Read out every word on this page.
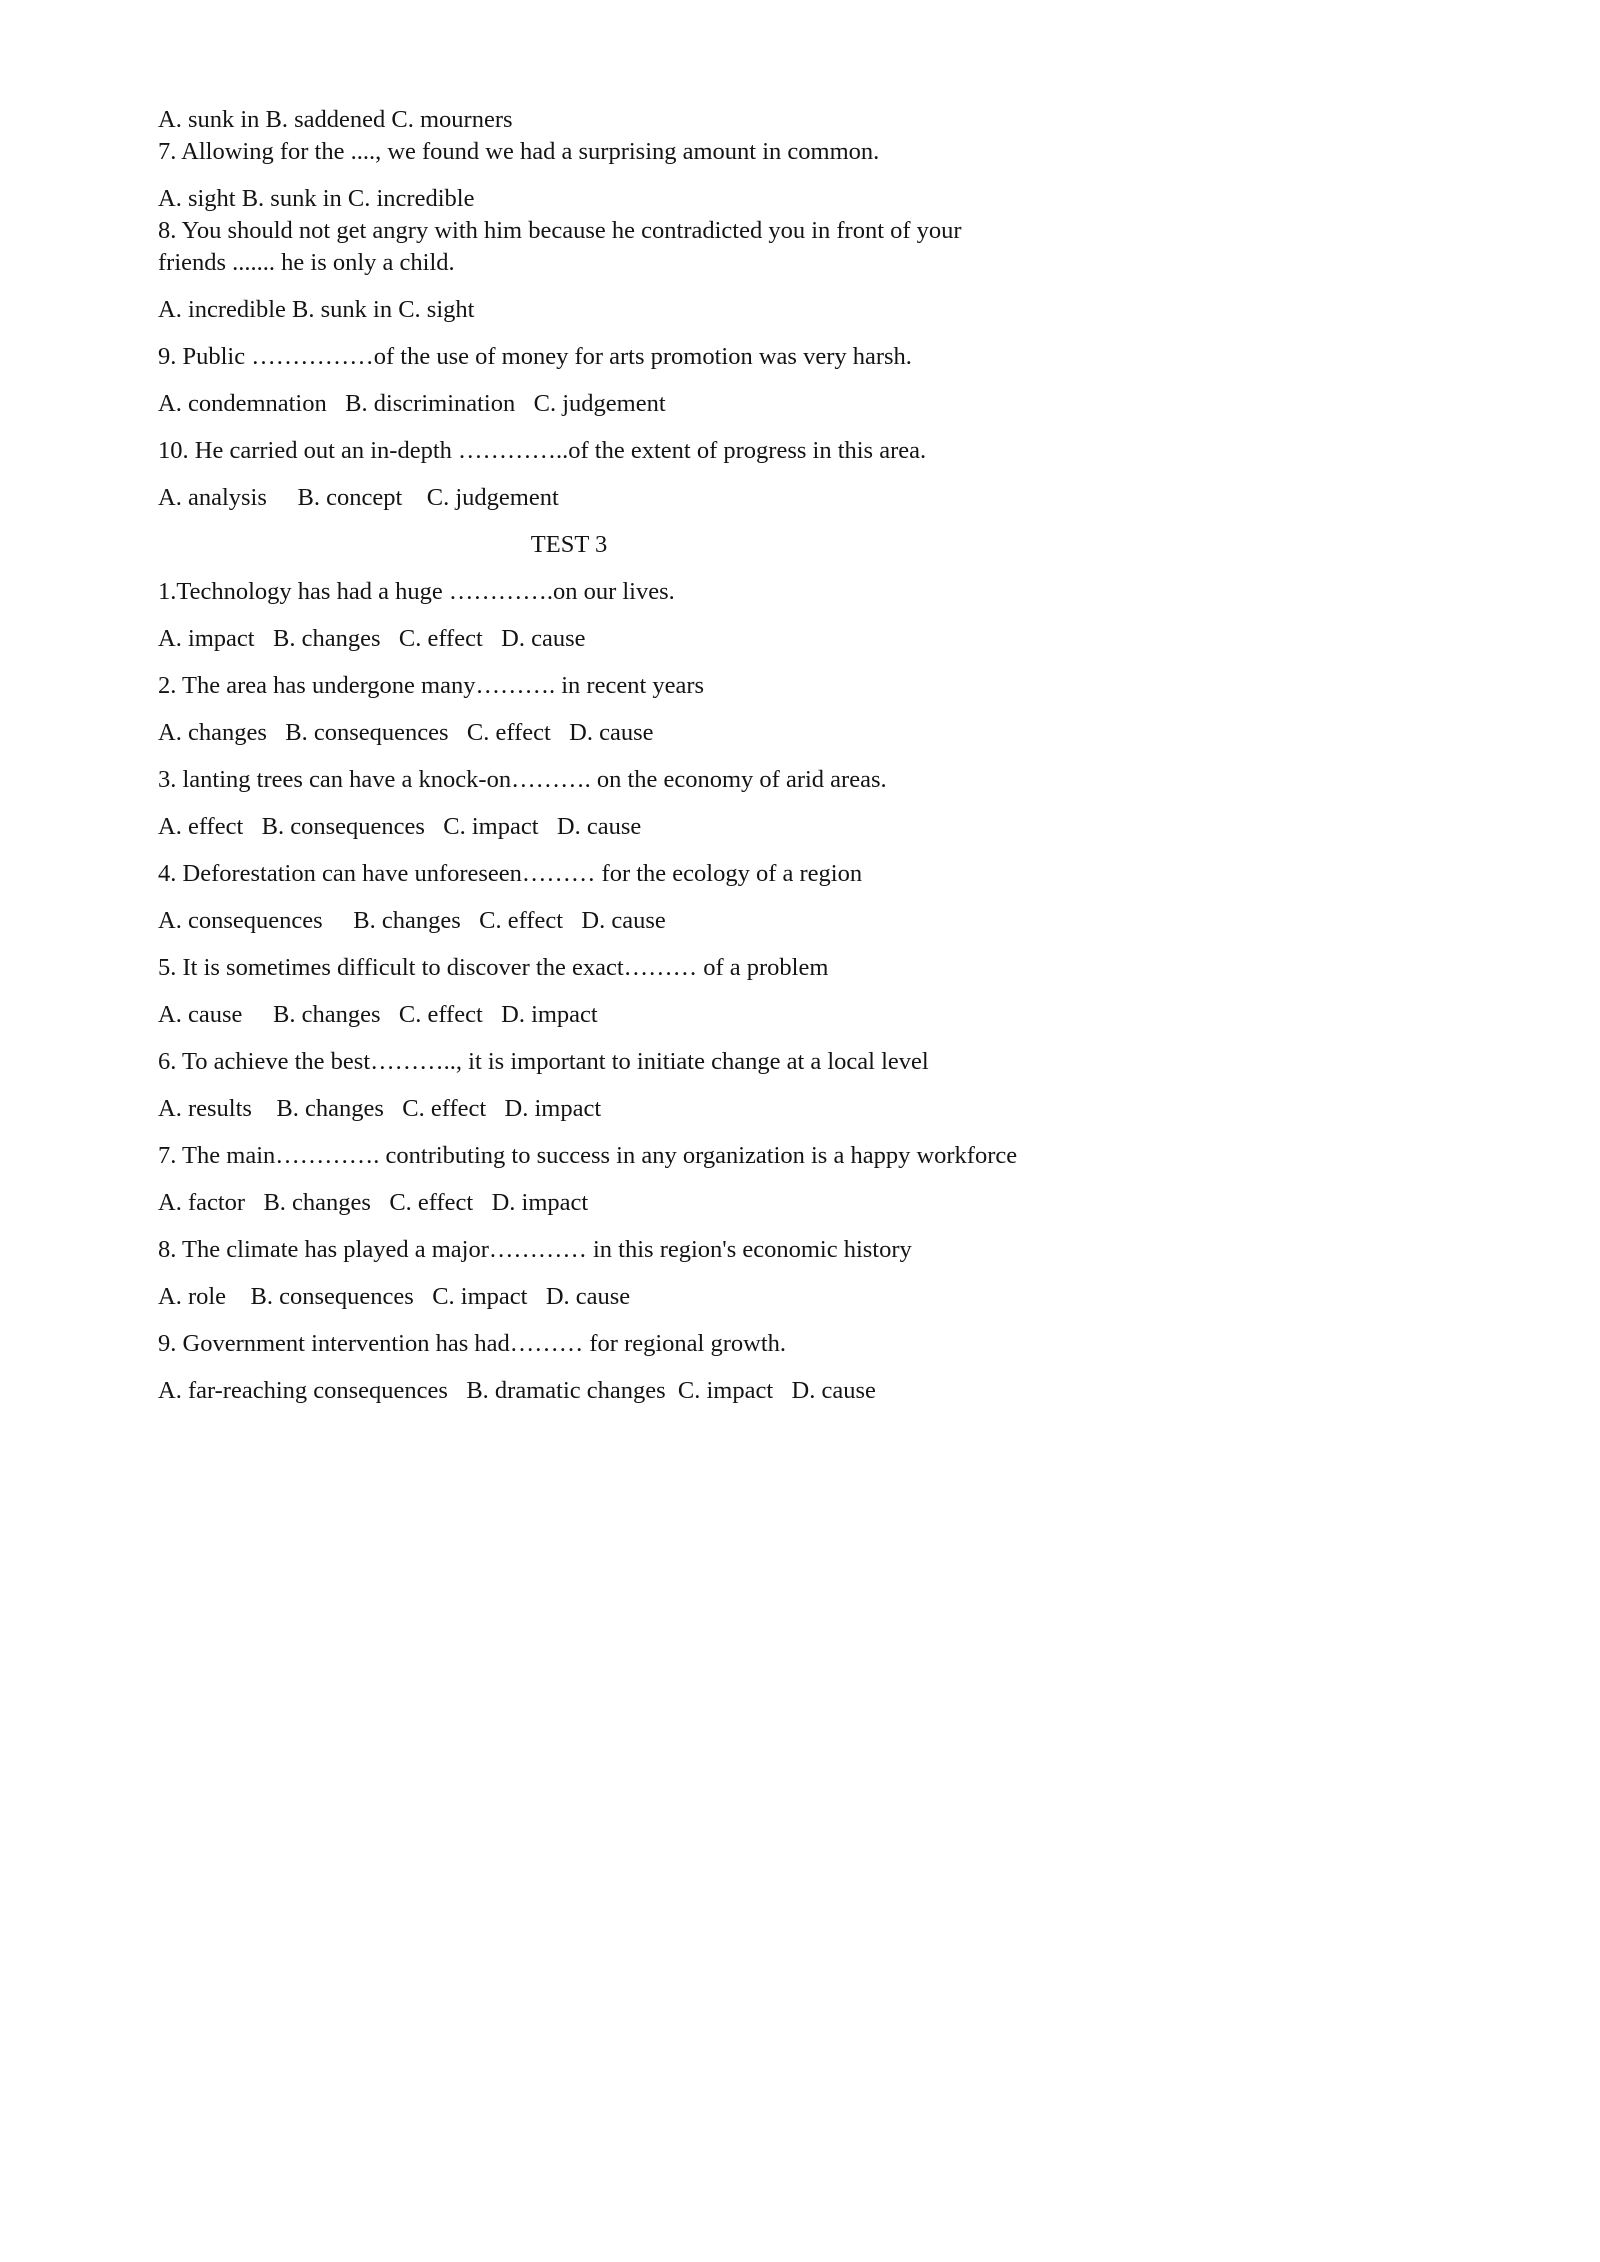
A. sunk in B. saddened C. mourners

7. Allowing for the ...., we found we had a surprising amount in common.

A. sight B. sunk in C. incredible

8. You should not get angry with him because he contradicted you in front of your friends ....... he is only a child.

A. incredible B. sunk in C. sight

9. Public ……………of the use of money for arts promotion was very harsh.

A. condemnation   B. discrimination   C. judgement

10. He carried out an in-depth …………..of the extent of progress in this area.

A. analysis     B. concept    C. judgement

TEST 3

1.Technology has had a huge ………….on our lives.

A. impact   B. changes   C. effect   D. cause

2. The area has undergone many………. in recent years

A. changes   B. consequences   C. effect   D. cause

3. lanting trees can have a knock-on………. on the economy of arid areas.

A. effect   B. consequences   C. impact   D. cause

4. Deforestation can have unforeseen……… for the ecology of a region

A. consequences     B. changes   C. effect   D. cause

5. It is sometimes difficult to discover the exact……… of a problem

A. cause     B. changes   C. effect   D. impact

6. To achieve the best……….., it is important to initiate change at a local level

A. results    B. changes   C. effect   D. impact

7. The main…………. contributing to success in any organization is a happy workforce

A. factor   B. changes   C. effect   D. impact

8. The climate has played a major………… in this region's economic history

A. role    B. consequences   C. impact   D. cause

9. Government intervention has had……… for regional growth.

A. far-reaching consequences   B. dramatic changes  C. impact   D. cause
